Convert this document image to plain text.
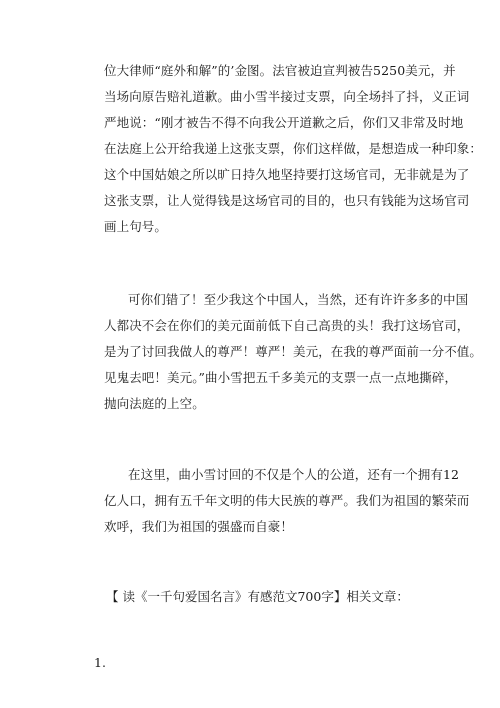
位大律师“庭外和解”的’金图。法官被迫宣判被告5250美元，并
当场向原告赔礼道歉。曲小雪半接过支票，向全场抖了抖，义正词
严地说：“刚才被告不得不向我公开道歉之后，你们又非常及时地
在法庭上公开给我递上这张支票，你们这样做，是想造成一种印象：
这个中国姑娘之所以旷日持久地坚持要打这场官司，无非就是为了
这张支票，让人觉得钱是这场官司的目的，也只有钱能为这场官司
画上句号。

可你们错了！至少我这个中国人，当然，还有许许多多的中国
人都决不会在你们的美元面前低下自己高贵的头！我打这场官司，
是为了讨回我做人的尊严！尊严！美元，在我的尊严面前一分不值。
见鬼去吧！美元。”曲小雪把五千多美元的支票一点一点地撕碎，
抛向法庭的上空。

在这里，曲小雪讨回的不仅是个人的公道，还有一个拥有12
亿人口，拥有五千年文明的伟大民族的尊严。我们为祖国的繁荣而
欢呼，我们为祖国的强盛而自豪！

【 读《一千句爱国名言》有感范文700字】相关文章：

1.
